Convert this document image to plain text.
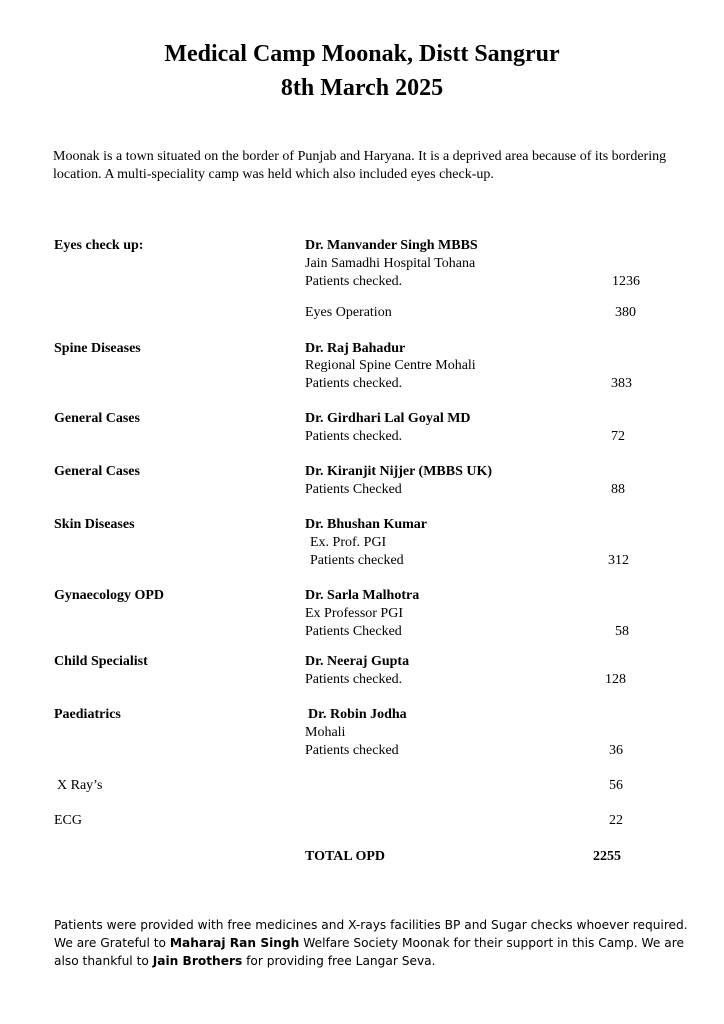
Medical Camp Moonak, Distt Sangrur
8th March 2025
Moonak is a town situated on the border of Punjab and Haryana. It is a deprived area because of its bordering location. A multi-speciality camp was held which also included eyes check-up.
Eyes check up:	Dr. Manvander Singh MBBS
Jain Samadhi Hospital Tohana
Patients checked.	1236
Eyes Operation	380
Spine Diseases	Dr. Raj Bahadur
Regional Spine Centre Mohali
Patients checked.	383
General Cases	Dr. Girdhari Lal Goyal MD
Patients checked.	72
General Cases	Dr. Kiranjit Nijjer (MBBS UK)
Patients Checked	88
Skin Diseases	Dr. Bhushan Kumar
Ex. Prof. PGI
Patients checked	312
Gynaecology OPD	Dr. Sarla Malhotra
Ex Professor PGI
Patients Checked	58
Child Specialist	Dr. Neeraj Gupta
Patients checked.	128
Paediatrics	Dr. Robin Jodha
Mohali
Patients checked	36
X Ray’s	56
ECG	22
TOTAL OPD	2255
Patients were provided with free medicines and X-rays facilities BP and Sugar checks whoever required. We are Grateful to Maharaj Ran Singh Welfare Society Moonak for their support in this Camp. We are also thankful to Jain Brothers for providing free Langar Seva.
